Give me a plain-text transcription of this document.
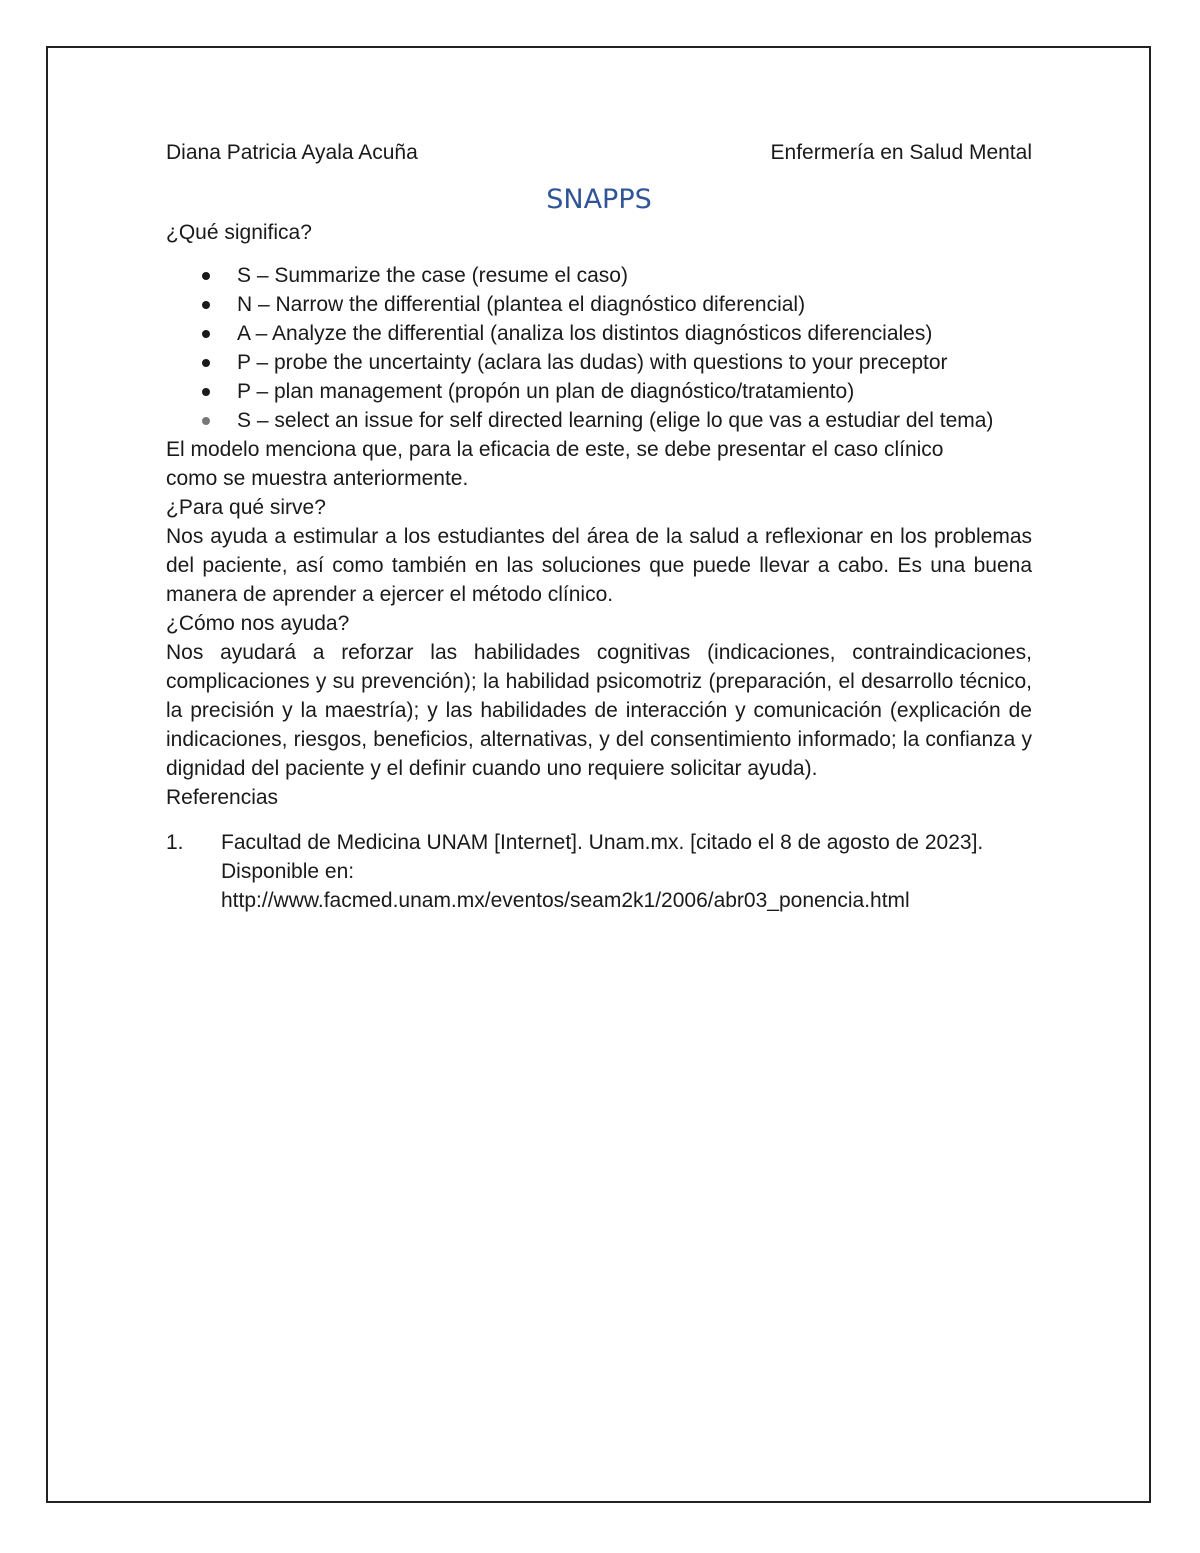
Diana Patricia Ayala Acuña	Enfermería en Salud Mental
SNAPPS

¿Qué significa?

S – Summarize the case (resume el caso)
N – Narrow the differential (plantea el diagnóstico diferencial)
A – Analyze the differential (analiza los distintos diagnósticos diferenciales)
P – probe the uncertainty (aclara las dudas) with questions to your preceptor
P – plan management (propón un plan de diagnóstico/tratamiento)
S – select an issue for self directed learning (elige lo que vas a estudiar del tema)

El modelo menciona que, para la eficacia de este, se debe presentar el caso clínico como se muestra anteriormente.

¿Para qué sirve?

Nos ayuda a estimular a los estudiantes del área de la salud a reflexionar en los problemas del paciente, así como también en las soluciones que puede llevar a cabo. Es una buena manera de aprender a ejercer el método clínico.

¿Cómo nos ayuda?

Nos ayudará a reforzar las habilidades cognitivas (indicaciones, contraindicaciones, complicaciones y su prevención); la habilidad psicomotriz (preparación, el desarrollo técnico, la precisión y la maestría); y las habilidades de interacción y comunicación (explicación de indicaciones, riesgos, beneficios, alternativas, y del consentimiento informado; la confianza y dignidad del paciente y el definir cuando uno requiere solicitar ayuda).

Referencias

1. Facultad de Medicina UNAM [Internet]. Unam.mx. [citado el 8 de agosto de 2023]. Disponible en:
http://www.facmed.unam.mx/eventos/seam2k1/2006/abr03_ponencia.html
